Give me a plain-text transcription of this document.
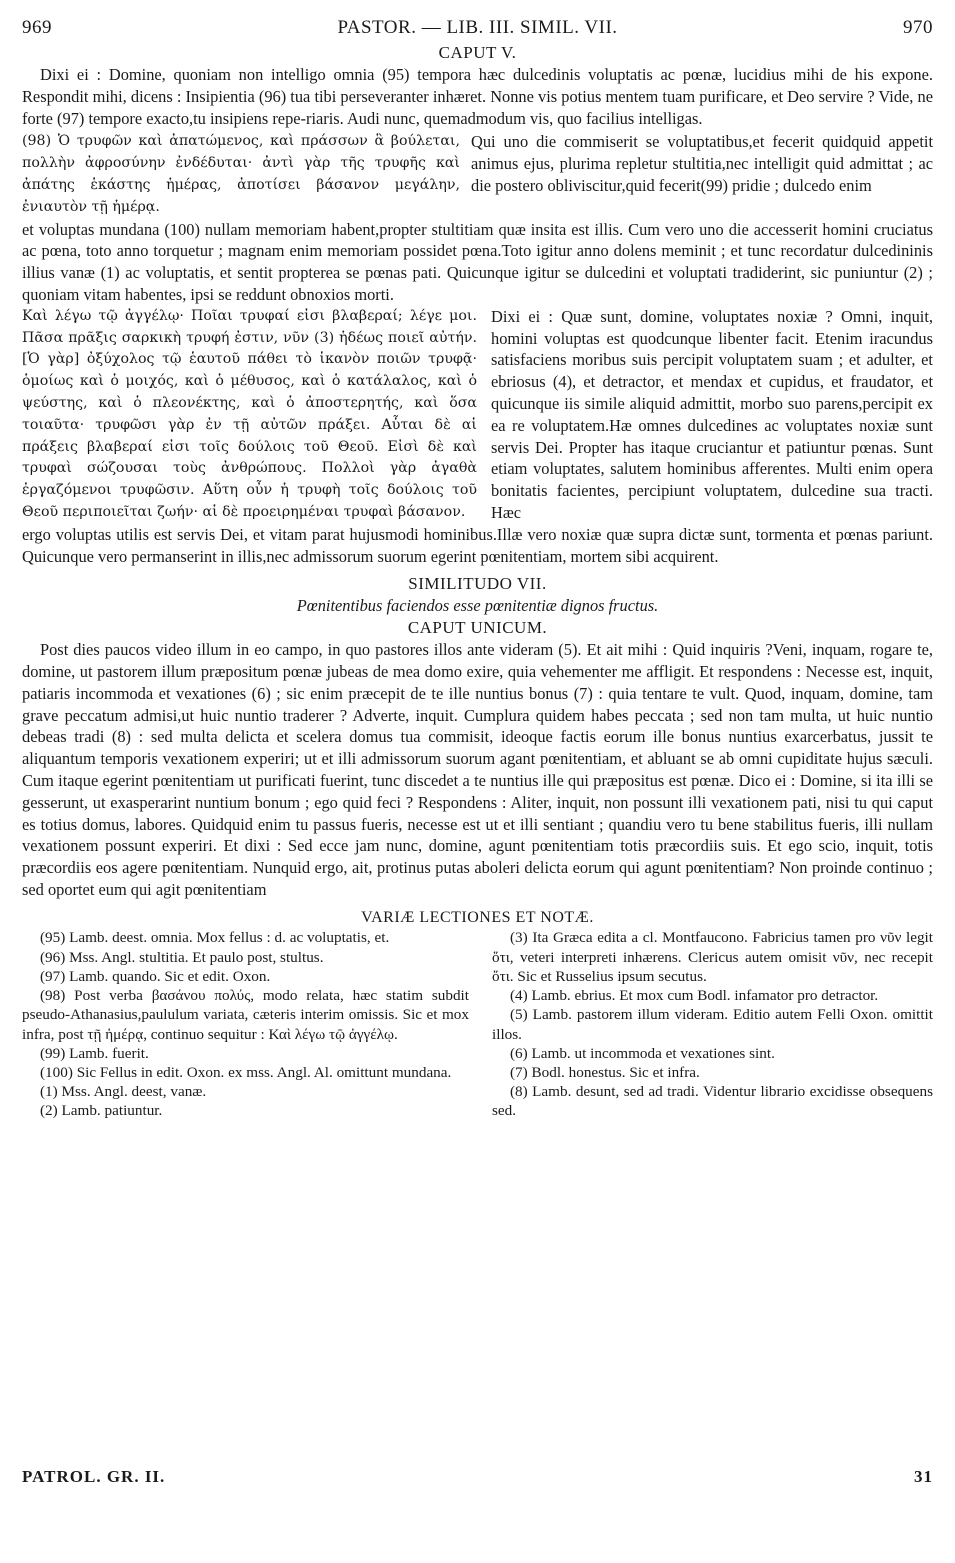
969	PASTOR. — LIB. III. SIMIL. VII.	970
CAPUT V.

Dixi ei : Domine, quoniam non intelligo omnia (95) tempora hæc dulcedinis voluptatis ac pœnæ, lucidius mihi de his expone. Respondit mihi, dicens : Insipientia (96) tua tibi perseveranter inhæret. Nonne vis potius mentem tuam purificare, et Deo servire ? Vide, ne forte (97) tempore exacto,tu insipiens repe-riaris. Audi nunc, quemadmodum vis, quo facilius intelligas.

(98) Ὁ τρυφῶν καὶ ἀπατώμενος, καὶ πράσσων ἃ βούλεται, πολλὴν ἀφροσύνην ἐνδέδυται· ἀντὶ γὰρ τῆς τρυφῆς καὶ ἀπάτης ἑκάστης ἡμέρας, ἀποτίσει βάσανον μεγάλην, ἐνιαυτὸν τῇ ἡμέρᾳ.
Qui uno die commiserit se voluptatibus,et fecerit quidquid appetit animus ejus, plurima repletur stultitia,nec intelligit quid admittat ; ac die postero obliviscitur,quid fecerit(99) pridie ; dulcedo enim

et voluptas mundana (100) nullam memoriam habent,propter stultitiam quæ insita est illis. Cum vero uno die accesserit homini cruciatus ac pœna, toto anno torquetur ; magnam enim memoriam possidet pœna.Toto igitur anno dolens meminit ; et tunc recordatur dulcedininis illius vanæ (1) ac voluptatis, et sentit propterea se pœnas pati. Quicunque igitur se dulcedini et voluptati tradiderint, sic puniuntur (2) ; quoniam vitam habentes, ipsi se reddunt obnoxios morti.

Καὶ λέγω τῷ ἀγγέλῳ· Ποῖαι τρυφαί εἰσι βλαβεραί; λέγε μοι. Πᾶσα πρᾶξις σαρκικὴ τρυφή ἐστιν, νῦν (3) ἡδέως ποιεῖ αὐτήν. [Ὁ γὰρ] ὀξύχολος τῷ ἑαυτοῦ πάθει τὸ ἱκανὸν ποιῶν τρυφᾷ· ὁμοίως καὶ ὁ μοιχός, καὶ ὁ μέθυσος, καὶ ὁ κατάλαλος, καὶ ὁ ψεύστης, καὶ ὁ πλεονέκτης, καὶ ὁ ἀποστερητής, καὶ ὅσα τοιαῦτα· τρυφῶσι γὰρ ἐν τῇ αὐτῶν πράξει. Αὗται δὲ αἱ πράξεις βλαβεραί εἰσι τοῖς δούλοις τοῦ Θεοῦ. Εἰσὶ δὲ καὶ τρυφαὶ σώζουσαι τοὺς ἀνθρώπους. Πολλοὶ γὰρ ἀγαθὰ ἐργαζόμενοι τρυφῶσιν. Αὕτη οὖν ἡ τρυφὴ τοῖς δούλοις τοῦ Θεοῦ περιποιεῖται ζωήν· αἱ δὲ προειρημέναι τρυφαὶ βάσανον.
Dixi ei : Quæ sunt, domine, voluptates noxiæ ? Omni, inquit, homini voluptas est quodcunque libenter facit. Etenim iracundus satisfaciens moribus suis percipit voluptatem suam ; et adulter, et ebriosus (4), et detractor, et mendax et cupidus, et fraudator, et quicunque iis simile aliquid admittit, morbo suo parens,percipit ex ea re voluptatem.Hæ omnes dulcedines ac voluptates noxiæ sunt servis Dei. Propter has itaque cruciantur et patiuntur pœnas. Sunt etiam voluptates, salutem hominibus afferentes. Multi enim opera bonitatis facientes, percipiunt voluptatem, dulcedine sua tracti. Hæc

ergo voluptas utilis est servis Dei, et vitam parat hujusmodi hominibus.Illæ vero noxiæ quæ supra dictæ sunt, tormenta et pœnas pariunt. Quicunque vero permanserint in illis,nec admissorum suorum egerint pœnitentiam, mortem sibi acquirent.

SIMILITUDO VII.
Pœnitentibus faciendos esse pœnitentiæ dignos fructus.
CAPUT UNICUM.

Post dies paucos video illum in eo campo, in quo pastores illos ante videram (5). Et ait mihi : Quid inquiris ?Veni, inquam, rogare te, domine, ut pastorem illum præpositum pœnæ jubeas de mea domo exire, quia vehementer me affligit. Et respondens : Necesse est, inquit, patiaris incommoda et vexationes (6) ; sic enim præcepit de te ille nuntius bonus (7) : quia tentare te vult. Quod, inquam, domine, tam grave peccatum admisi,ut huic nuntio traderer ? Adverte, inquit. Cumplura quidem habes peccata ; sed non tam multa, ut huic nuntio debeas tradi (8) : sed multa delicta et scelera domus tua commisit, ideoque factis eorum ille bonus nuntius exarcerbatus, jussit te aliquantum temporis vexationem experiri; ut et illi admissorum suorum agant pœnitentiam, et abluant se ab omni cupiditate hujus sæculi. Cum itaque egerint pœnitentiam ut purificati fuerint, tunc discedet a te nuntius ille qui præpositus est pœnæ. Dico ei : Domine, si ita illi se gesserunt, ut exasperarint nuntium bonum ; ego quid feci ? Respondens : Aliter, inquit, non possunt illi vexationem pati, nisi tu qui caput es totius domus, labores. Quidquid enim tu passus fueris, necesse est ut et illi sentiant ; quandiu vero tu bene stabilitus fueris, illi nullam vexationem possunt experiri. Et dixi : Sed ecce jam nunc, domine, agunt pœnitentiam totis præcordiis suis. Et ego scio, inquit, totis præcordiis eos agere pœnitentiam. Nunquid ergo, ait, protinus putas aboleri delicta eorum qui agunt pœnitentiam? Non proinde continuo ; sed oportet eum qui agit pœnitentiam

VARIÆ LECTIONES ET NOTÆ.

(95) Lamb. deest. omnia. Mox fellus : d. ac voluptatis, et.

(96) Mss. Angl. stultitia. Et paulo post, stultus.

(97) Lamb. quando. Sic et edit. Oxon.

(98) Post verba βασάνου πολύς, modo relata, hæc statim subdit pseudo-Athanasius,paululum variata, cæteris interim omissis. Sic et mox infra, post τῇ ἡμέρᾳ, continuo sequitur : Καὶ λέγω τῷ ἀγγέλῳ.

(99) Lamb. fuerit.

(100) Sic Fellus in edit. Oxon. ex mss. Angl. Al. omittunt mundana.

(1) Mss. Angl. deest, vanæ.

(2) Lamb. patiuntur.

(3) Ita Græca edita a cl. Montfaucono. Fabricius tamen pro νῦν legit ὅτι, veteri interpreti inhærens. Clericus autem omisit νῦν, nec recepit ὅτι. Sic et Russelius ipsum secutus.

(4) Lamb. ebrius. Et mox cum Bodl. infamator pro detractor.

(5) Lamb. pastorem illum videram. Editio autem Felli Oxon. omittit illos.

(6) Lamb. ut incommoda et vexationes sint.

(7) Bodl. honestus. Sic et infra.

(8) Lamb. desunt, sed ad tradi. Videntur librario excidisse obsequens sed.

PATROL. GR. II.	31
